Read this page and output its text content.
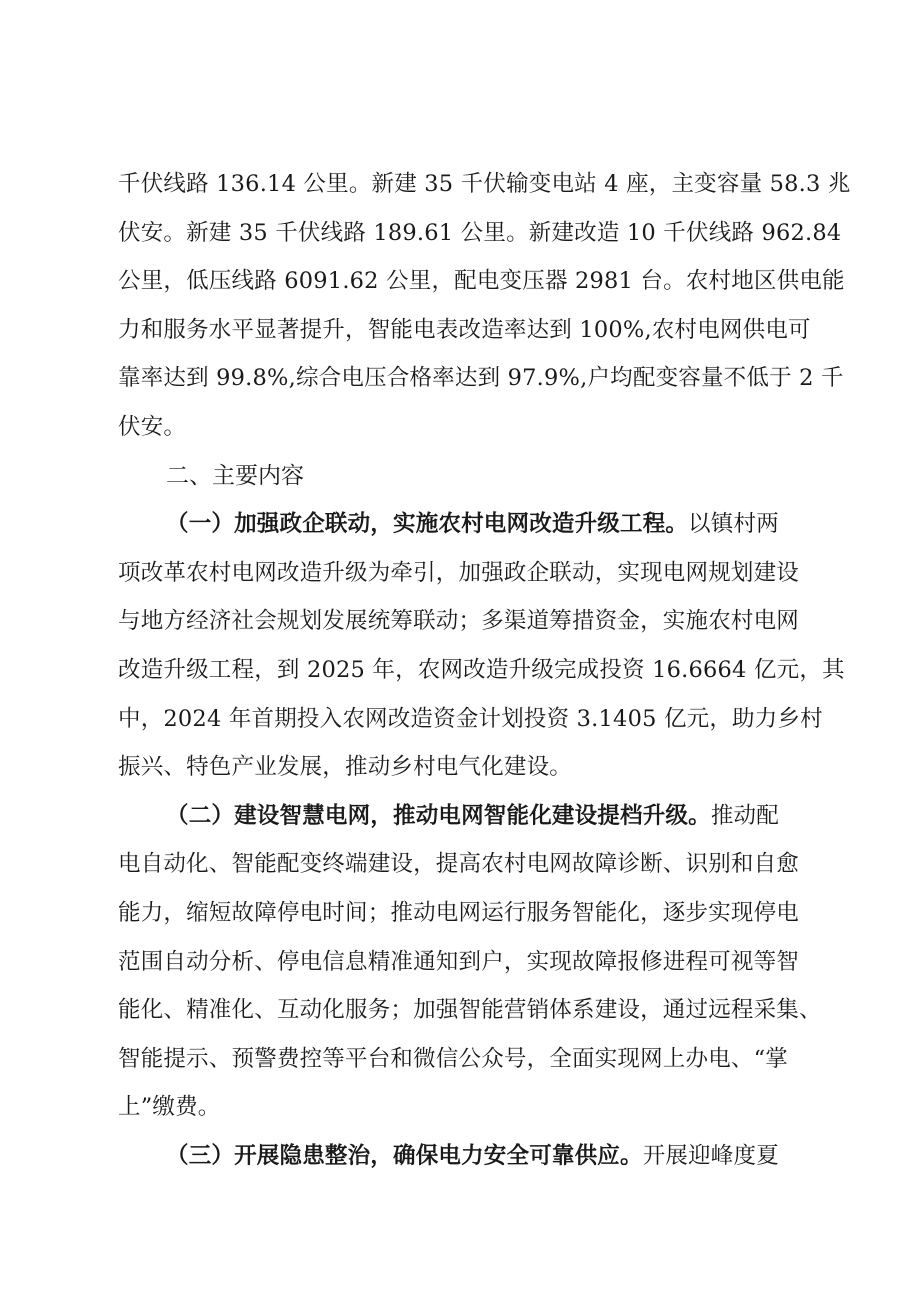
千伏线路 136.14 公里。新建 35 千伏输变电站 4 座，主变容量 58.3 兆
伏安。新建 35 千伏线路 189.61 公里。新建改造 10 千伏线路 962.84
公里，低压线路 6091.62 公里，配电变压器 2981 台。农村地区供电能
力和服务水平显著提升，智能电表改造率达到 100%,农村电网供电可
靠率达到 99.8%,综合电压合格率达到 97.9%,户均配变容量不低于 2 千
伏安。
二、主要内容
（一）加强政企联动，实施农村电网改造升级工程。以镇村两
项改革农村电网改造升级为牵引，加强政企联动，实现电网规划建设
与地方经济社会规划发展统筹联动；多渠道筹措资金，实施农村电网
改造升级工程，到 2025 年，农网改造升级完成投资 16.6664 亿元，其
中，2024 年首期投入农网改造资金计划投资 3.1405 亿元，助力乡村
振兴、特色产业发展，推动乡村电气化建设。
（二）建设智慧电网，推动电网智能化建设提档升级。推动配
电自动化、智能配变终端建设，提高农村电网故障诊断、识别和自愈
能力，缩短故障停电时间；推动电网运行服务智能化，逐步实现停电
范围自动分析、停电信息精准通知到户，实现故障报修进程可视等智
能化、精准化、互动化服务；加强智能营销体系建设，通过远程采集、
智能提示、预警费控等平台和微信公众号，全面实现网上办电、“掌
上”缴费。
（三）开展隐患整治，确保电力安全可靠供应。开展迎峰度夏
